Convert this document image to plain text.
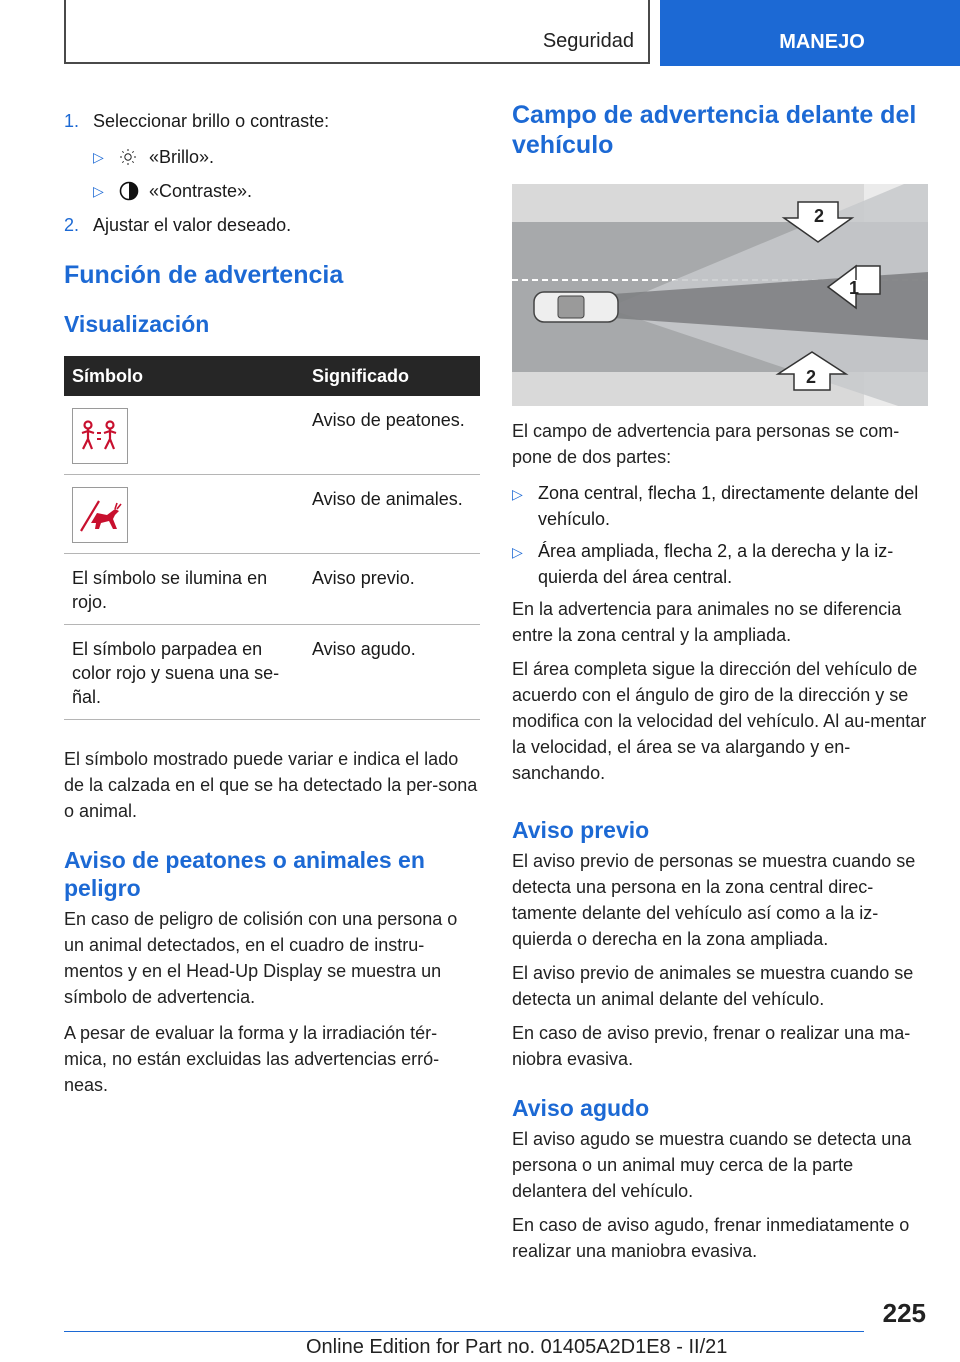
Seguridad	MANEJO
1. Seleccionar brillo o contraste:
▷	«Brillo».
▷	«Contraste».
2. Ajustar el valor deseado.
Función de advertencia
Visualización
Símbolo	Significado

	Aviso de peatones.

	Aviso de animales.
El símbolo se ilumina en rojo.	Aviso previo.
El símbolo parpadea en color rojo y suena una se-ñal.	Aviso agudo.

El símbolo mostrado puede variar e indica el lado de la calzada en el que se ha detectado la per-sona o animal.

Aviso de peatones o animales en peligro

En caso de peligro de colisión con una persona o un animal detectados, en el cuadro de instru-mentos y en el Head-Up Display se muestra un símbolo de advertencia.

A pesar de evaluar la forma y la irradiación tér-mica, no están excluidas las advertencias erró-neas.

Campo de advertencia delante del vehículo
2
1
2

El campo de advertencia para personas se com-pone de dos partes:

▷ Zona central, flecha 1, directamente delante del vehículo.
▷ Área ampliada, flecha 2, a la derecha y la iz-quierda del área central.

En la advertencia para animales no se diferencia entre la zona central y la ampliada.

El área completa sigue la dirección del vehículo de acuerdo con el ángulo de giro de la dirección y se modifica con la velocidad del vehículo. Al au-mentar la velocidad, el área se va alargando y en-sanchando.

Aviso previo

El aviso previo de personas se muestra cuando se detecta una persona en la zona central direc-tamente delante del vehículo así como a la iz-quierda o derecha en la zona ampliada.

El aviso previo de animales se muestra cuando se detecta un animal delante del vehículo.

En caso de aviso previo, frenar o realizar una ma-niobra evasiva.

Aviso agudo

El aviso agudo se muestra cuando se detecta una persona o un animal muy cerca de la parte delantera del vehículo.

En caso de aviso agudo, frenar inmediatamente o realizar una maniobra evasiva.

225
Online Edition for Part no. 01405A2D1E8 - II/21
